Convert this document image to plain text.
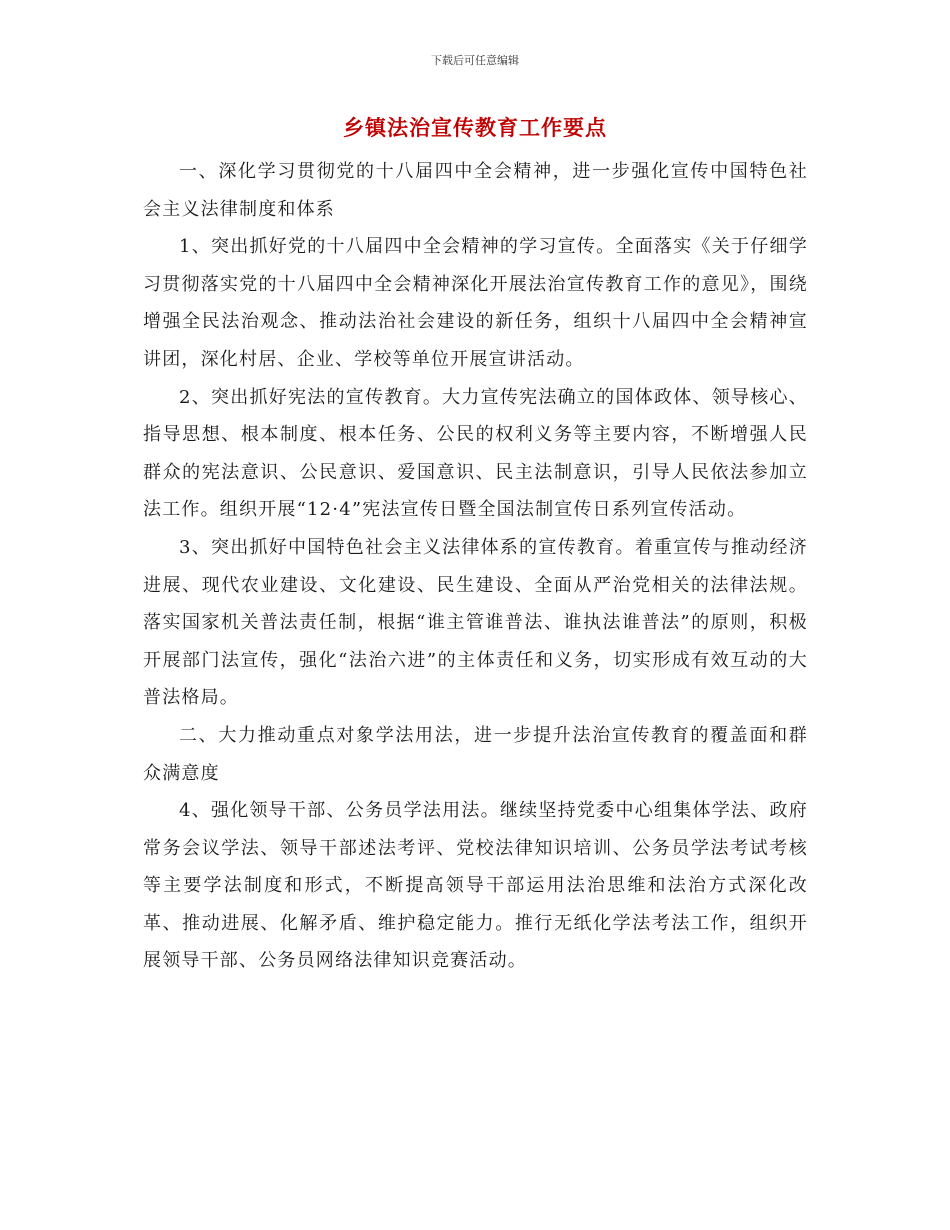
下载后可任意编辑
乡镇法治宣传教育工作要点

一、深化学习贯彻党的十八届四中全会精神，进一步强化宣传中国特色社会主义法律制度和体系

1、突出抓好党的十八届四中全会精神的学习宣传。全面落实《关于仔细学习贯彻落实党的十八届四中全会精神深化开展法治宣传教育工作的意见》，围绕增强全民法治观念、推动法治社会建设的新任务，组织十八届四中全会精神宣讲团，深化村居、企业、学校等单位开展宣讲活动。

2、突出抓好宪法的宣传教育。大力宣传宪法确立的国体政体、领导核心、指导思想、根本制度、根本任务、公民的权利义务等主要内容，不断增强人民群众的宪法意识、公民意识、爱国意识、民主法制意识，引导人民依法参加立法工作。组织开展“12·4”宪法宣传日暨全国法制宣传日系列宣传活动。

3、突出抓好中国特色社会主义法律体系的宣传教育。着重宣传与推动经济进展、现代农业建设、文化建设、民生建设、全面从严治党相关的法律法规。落实国家机关普法责任制，根据“谁主管谁普法、谁执法谁普法”的原则，积极开展部门法宣传，强化“法治六进”的主体责任和义务，切实形成有效互动的大普法格局。

二、大力推动重点对象学法用法，进一步提升法治宣传教育的覆盖面和群众满意度

4、强化领导干部、公务员学法用法。继续坚持党委中心组集体学法、政府常务会议学法、领导干部述法考评、党校法律知识培训、公务员学法考试考核等主要学法制度和形式，不断提高领导干部运用法治思维和法治方式深化改革、推动进展、化解矛盾、维护稳定能力。推行无纸化学法考法工作，组织开展领导干部、公务员网络法律知识竞赛活动。
